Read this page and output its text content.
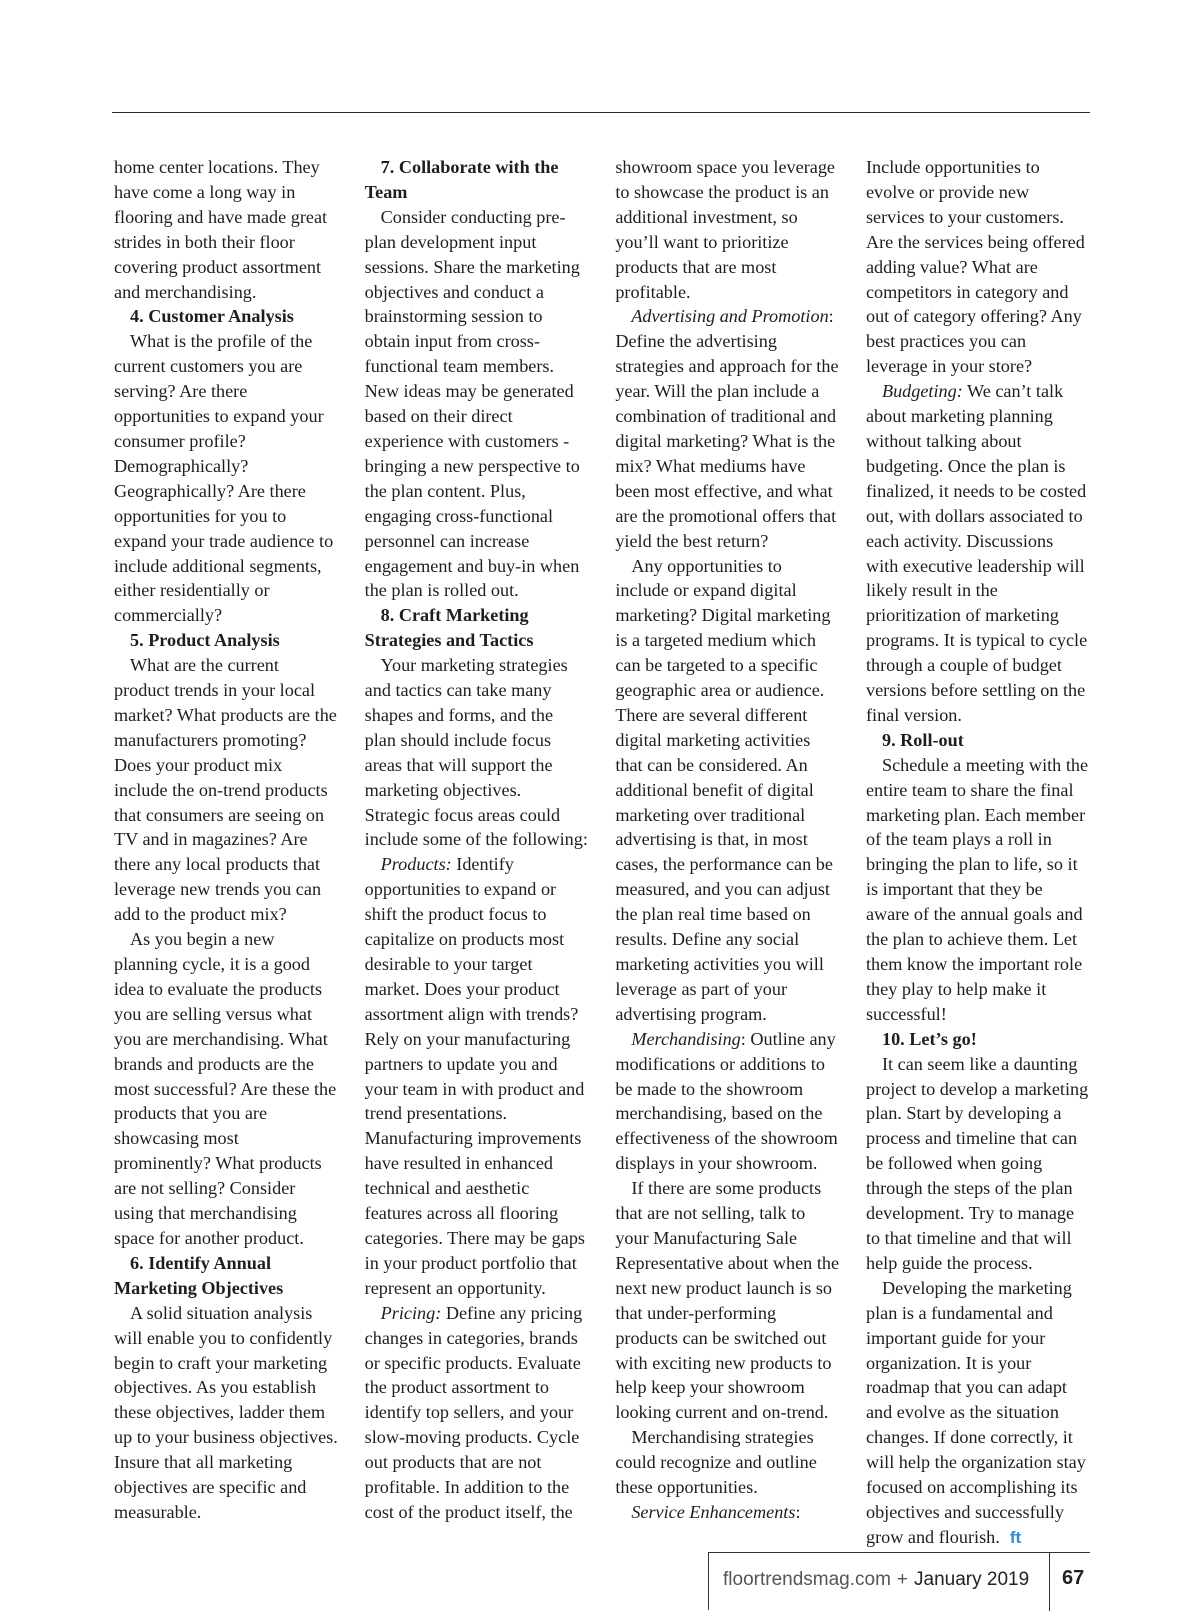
home center locations. They have come a long way in flooring and have made great strides in both their floor covering product assortment and merchandising.

4. Customer Analysis

What is the profile of the current customers you are serving? Are there opportunities to expand your consumer profile? Demographically? Geographically? Are there opportunities for you to expand your trade audience to include additional segments, either residentially or commercially?

5. Product Analysis

What are the current product trends in your local market? What products are the manufacturers promoting? Does your product mix include the on-trend products that consumers are seeing on TV and in magazines? Are there any local products that leverage new trends you can add to the product mix?

As you begin a new planning cycle, it is a good idea to evaluate the products you are selling versus what you are merchandising. What brands and products are the most successful? Are these the products that you are showcasing most prominently? What products are not selling? Consider using that merchandising space for another product.

6. Identify Annual Marketing Objectives

A solid situation analysis will enable you to confidently begin to craft your marketing objectives. As you establish these objectives, ladder them up to your business objectives. Insure that all marketing objectives are specific and measurable.

7. Collaborate with the Team

Consider conducting pre-plan development input sessions. Share the marketing objectives and conduct a brainstorming session to obtain input from cross-functional team members. New ideas may be generated based on their direct experience with customers - bringing a new perspective to the plan content. Plus, engaging cross-functional personnel can increase engagement and buy-in when the plan is rolled out.

8. Craft Marketing Strategies and Tactics

Your marketing strategies and tactics can take many shapes and forms, and the plan should include focus areas that will support the marketing objectives. Strategic focus areas could include some of the following:

Products: Identify opportunities to expand or shift the product focus to capitalize on products most desirable to your target market. Does your product assortment align with trends? Rely on your manufacturing partners to update you and your team in with product and trend presentations. Manufacturing improvements have resulted in enhanced technical and aesthetic features across all flooring categories. There may be gaps in your product portfolio that represent an opportunity.

Pricing: Define any pricing changes in categories, brands or specific products. Evaluate the product assortment to identify top sellers, and your slow-moving products. Cycle out products that are not profitable. In addition to the cost of the product itself, the

showroom space you leverage to showcase the product is an additional investment, so you’ll want to prioritize products that are most profitable.

Advertising and Promotion: Define the advertising strategies and approach for the year. Will the plan include a combination of traditional and digital marketing? What is the mix? What mediums have been most effective, and what are the promotional offers that yield the best return?

Any opportunities to include or expand digital marketing? Digital marketing is a targeted medium which can be targeted to a specific geographic area or audience. There are several different digital marketing activities that can be considered. An additional benefit of digital marketing over traditional advertising is that, in most cases, the performance can be measured, and you can adjust the plan real time based on results. Define any social marketing activities you will leverage as part of your advertising program.

Merchandising: Outline any modifications or additions to be made to the showroom merchandising, based on the effectiveness of the showroom displays in your showroom.

If there are some products that are not selling, talk to your Manufacturing Sale Representative about when the next new product launch is so that under-performing products can be switched out with exciting new products to help keep your showroom looking current and on-trend.

Merchandising strategies could recognize and outline these opportunities.

Service Enhancements:

Include opportunities to evolve or provide new services to your customers. Are the services being offered adding value? What are competitors in category and out of category offering? Any best practices you can leverage in your store?

Budgeting: We can’t talk about marketing planning without talking about budgeting. Once the plan is finalized, it needs to be costed out, with dollars associated to each activity. Discussions with executive leadership will likely result in the prioritization of marketing programs. It is typical to cycle through a couple of budget versions before settling on the final version.

9. Roll-out

Schedule a meeting with the entire team to share the final marketing plan. Each member of the team plays a roll in bringing the plan to life, so it is important that they be aware of the annual goals and the plan to achieve them. Let them know the important role they play to help make it successful!

10. Let’s go!

It can seem like a daunting project to develop a marketing plan. Start by developing a process and timeline that can be followed when going through the steps of the plan development. Try to manage to that timeline and that will help guide the process.

Developing the marketing plan is a fundamental and important guide for your organization. It is your roadmap that you can adapt and evolve as the situation changes. If done correctly, it will help the organization stay focused on accomplishing its objectives and successfully grow and flourish. ft

floortrendsmag.com + January 2019 67
